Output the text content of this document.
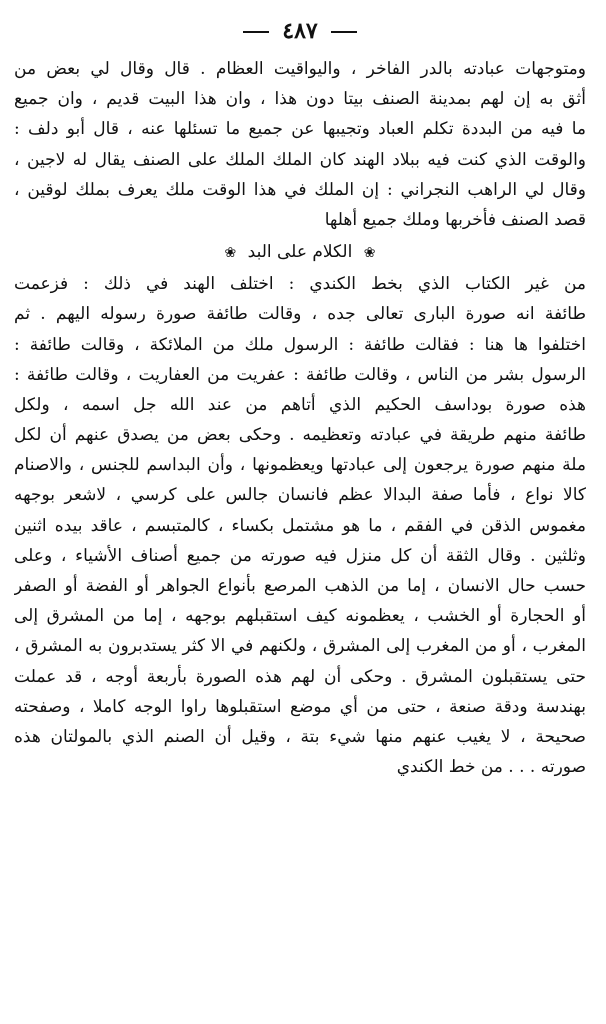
٤٨٧
ومتوجهات عبادته بالدر الفاخر ، واليواقيت العظام . قال وقال لي بعض من
أثق به إن لهم بمدينة الصنف بيتا دون هذا ، وان هذا البيت قديم ، وان جميع
ما فيه من البددة تكلم العباد وتجيبها عن جميع ما تسئلها عنه ، قال أبو دلف :
والوقت الذي كنت فيه ببلاد الهند كان الملك الملك على الصنف يقال له لاجين ،
وقال لي الراهب النجراني : إن الملك في هذا الوقت ملك يعرف بملك لوقين ،
قصد الصنف فأخربها وملك جميع أهلها
❀ الكلام على البد ❀
من غير الكتاب الذي بخط الكندي : اختلف الهند في ذلك : فزعمت
طائفة انه صورة البارى تعالى جده ، وقالت طائفة صورة رسوله اليهم . ثم
اختلفوا ها هنا : فقالت طائفة : الرسول ملك من الملائكة ، وقالت طائفة :
الرسول بشر من الناس ، وقالت طائفة : عفريت من العفاريت ، وقالت طائفة :
هذه صورة بوداسف الحكيم الذي أتاهم من عند الله جل اسمه ، ولكل
طائفة منهم طريقة في عبادته وتعظيمه . وحكى بعض من يصدق عنهم أن لكل
ملة منهم صورة يرجعون إلى عبادتها ويعظمونها ، وأن البداسم للجنس ، والاصنام
كالا نواع ، فأما صفة البدالا عظم فانسان جالس على كرسي ، لاشعر بوجهه
مغموس الذقن في الفقم ، ما هو مشتمل بكساء ، كالمتبسم ، عاقد بيده اثنين
وثلثين . وقال الثقة أن كل منزل فيه صورته من جميع أصناف الأشياء ، وعلى
حسب حال الانسان ، إما من الذهب المرصع بأنواع الجواهر أو الفضة أو الصفر
أو الحجارة أو الخشب ، يعظمونه كيف استقبلهم بوجهه ، إما من المشرق إلى
المغرب ، أو من المغرب إلى المشرق ، ولكنهم في الا كثر يستدبرون به المشرق ،
حتى يستقبلون المشرق . وحكى أن لهم هذه الصورة بأربعة أوجه ، قد عملت
بهندسة ودقة صنعة ، حتى من أي موضع استقبلوها راوا الوجه كاملا ، وصفحته
صحيحة ، لا يغيب عنهم منها شيء بتة ، وقيل أن الصنم الذي بالمولتان هذه
صورته . . . من خط الكندي
